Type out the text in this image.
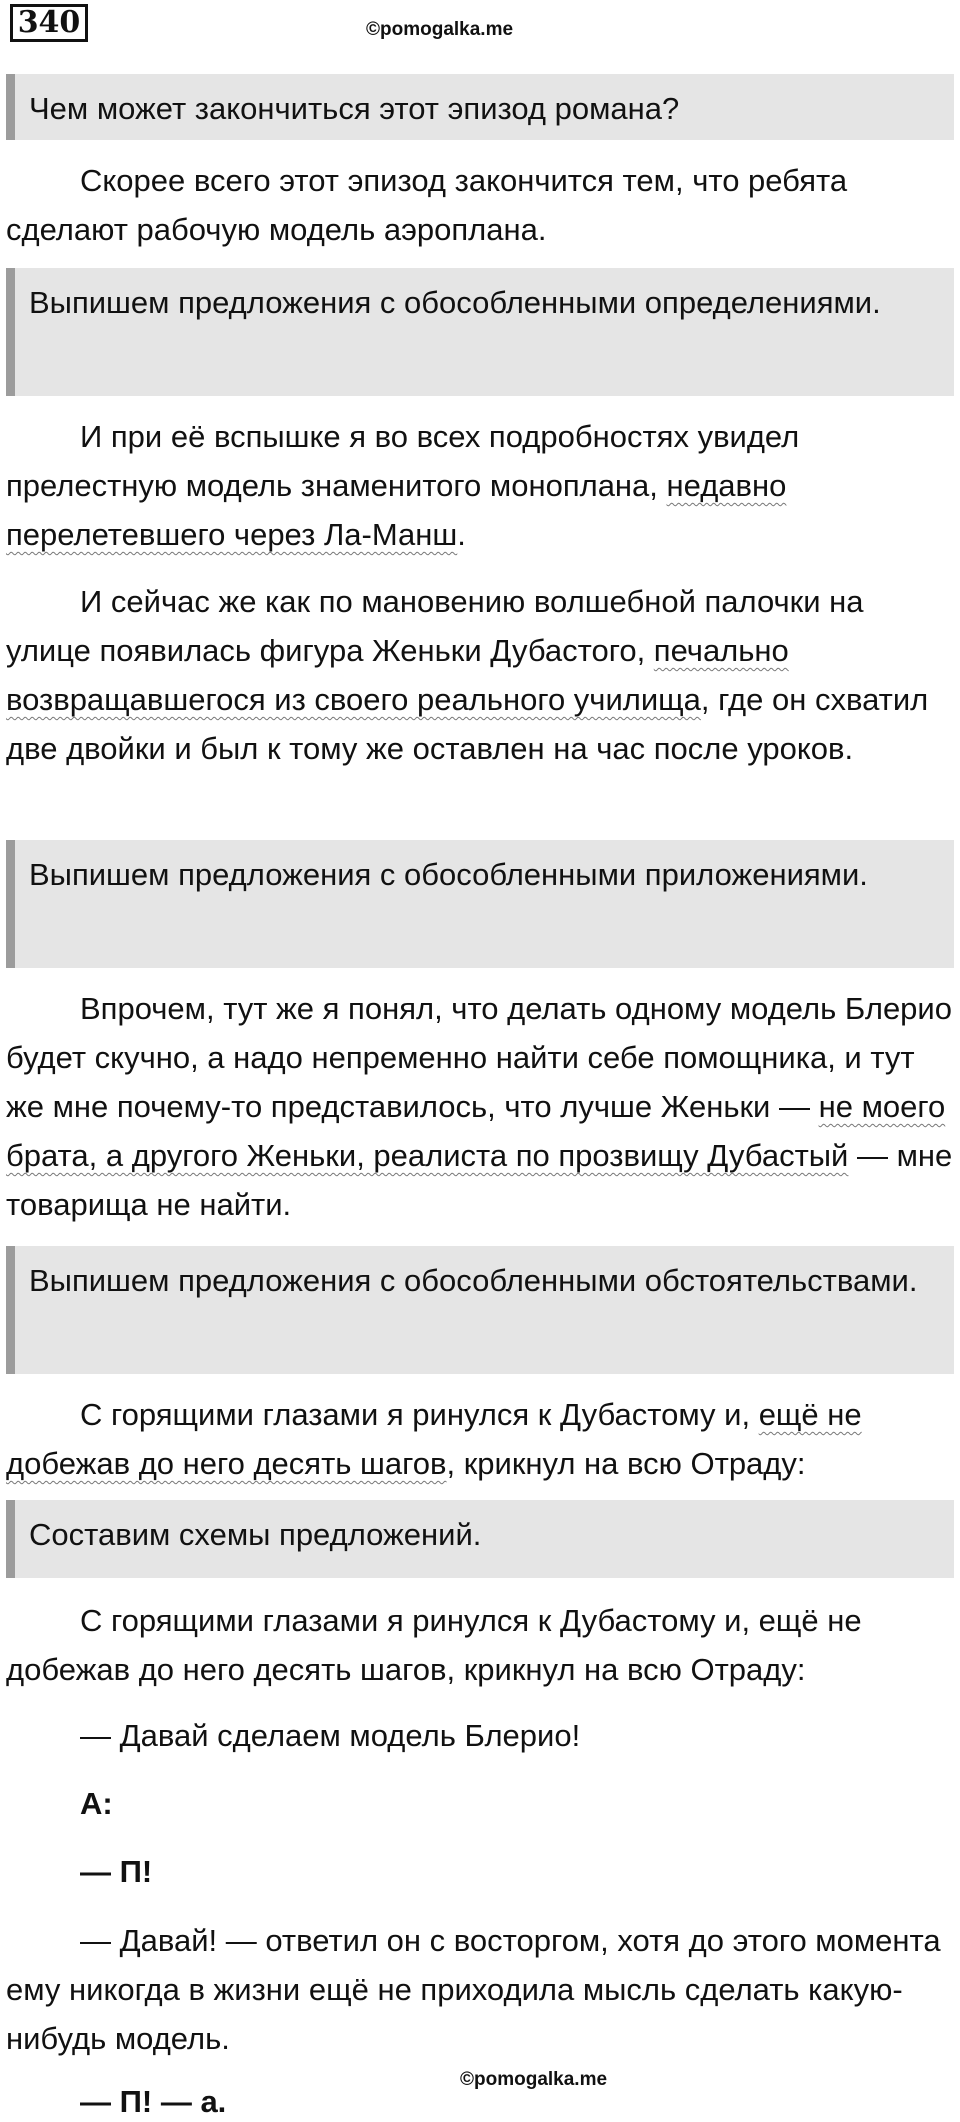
340	©pomogalka.me
Чем может закончиться этот эпизод романа?
Скорее всего этот эпизод закончится тем, что ребята сделают рабочую модель аэроплана.
Выпишем предложения с обособленными определениями.
И при её вспышке я во всех подробностях увидел прелестную модель знаменитого моноплана, недавно перелетевшего через Ла-Манш.
И сейчас же как по мановению волшебной палочки на улице появилась фигура Женьки Дубастого, печально возвращавшегося из своего реального училища, где он схватил две двойки и был к тому же оставлен на час после уроков.
Выпишем предложения с обособленными приложениями.
Впрочем, тут же я понял, что делать одному модель Блерио будет скучно, а надо непременно найти себе помощника, и тут же мне почему-то представилось, что лучше Женьки — не моего брата, а другого Женьки, реалиста по прозвищу Дубастый — мне товарища не найти.
Выпишем предложения с обособленными обстоятельствами.
С горящими глазами я ринулся к Дубастому и, ещё не добежав до него десять шагов, крикнул на всю Отраду:
Составим схемы предложений.
С горящими глазами я ринулся к Дубастому и, ещё не добежав до него десять шагов, крикнул на всю Отраду:
— Давай сделаем модель Блерио!
А:
— П!
— Давай! — ответил он с восторгом, хотя до этого момента ему никогда в жизни ещё не приходила мысль сделать какую-нибудь модель.
— П! — а.
©pomogalka.me
